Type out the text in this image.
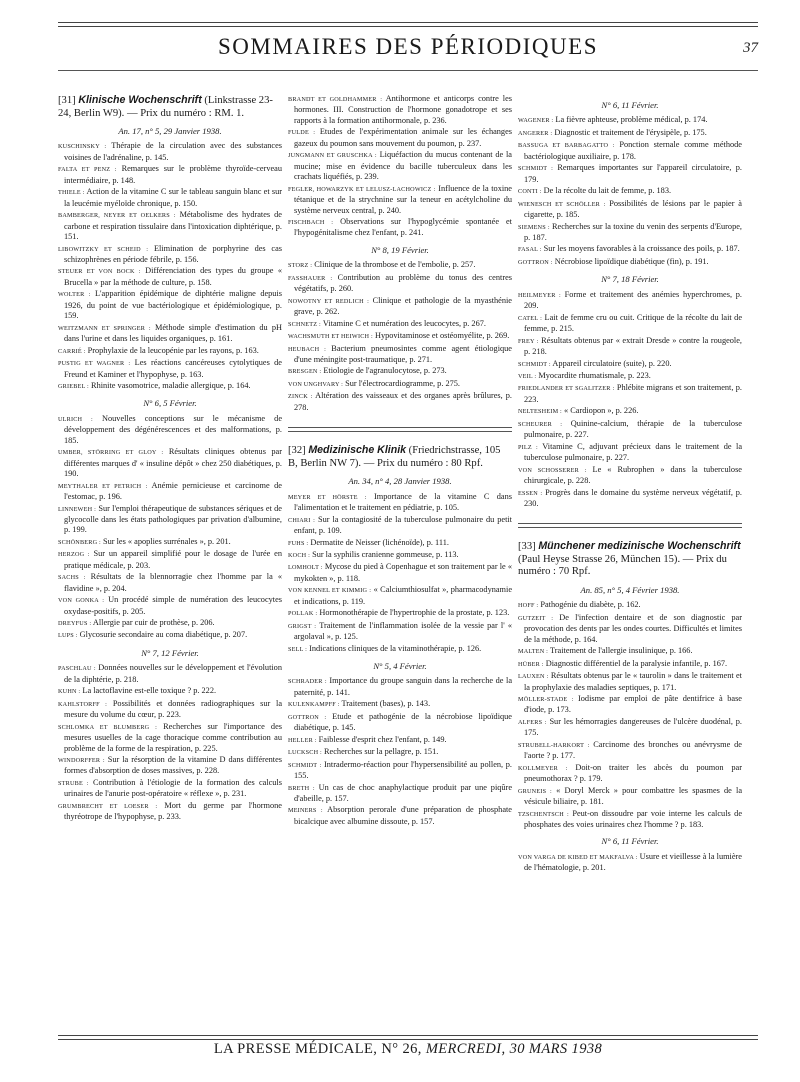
SOMMAIRES DES PÉRIODIQUES	37

[31] Klinische Wochenschrift (Linkstrasse 23-24, Berlin W9). — Prix du numéro : RM. 1.

An. 17, n° 5, 29 Janvier 1938.

KUSCHINSKY : Thérapie de la circulation avec des substances voisines de l'adrénaline, p. 145.

FALTA ET PENZ : Remarques sur le problème thyroïde-cerveau intermédiaire, p. 148.

THIELE : Action de la vitamine C sur le tableau sanguin blanc et sur la leucémie myéloïde chronique, p. 150.

BAMBERGER, NEYER ET OELKERS : Métabolisme des hydrates de carbone et respiration tissulaire dans l'intoxication diphtérique, p. 151.

LIBOWITZKY ET SCHEID : Elimination de porphyrine des cas schizophrènes en période fébrile, p. 156.

STEUER ET VON BOCK : Différenciation des types du groupe « Brucella » par la méthode de culture, p. 158.

WOLTER : L'apparition épidémique de diphtérie maligne depuis 1926, du point de vue bactériologique et épidémiologique, p. 159.

WEITZMANN ET SPRINGER : Méthode simple d'estimation du pH dans l'urine et dans les liquides organiques, p. 161.

CARRIÉ : Prophylaxie de la leucopénie par les rayons, p. 163.

PUSTIG ET WAGNER : Les réactions cancéreuses cytolytiques de Freund et Kaminer et l'hypophyse, p. 163.

GRIEBEL : Rhinite vasomotrice, maladie allergique, p. 164.

N° 6, 5 Février.

ULRICH : Nouvelles conceptions sur le mécanisme de développement des dégénérescences et des malformations, p. 185.

UMBER, STÖRRING ET GLOY : Résultats cliniques obtenus par différentes marques d' « insuline dépôt » chez 250 diabétiques, p. 190.

MEYTHALER ET PETRICH : Anémie pernicieuse et carcinome de l'estomac, p. 196.

LINNEWEH : Sur l'emploi thérapeutique de substances sériques et de glycocolle dans les états pathologiques par privation d'albumine, p. 199.

SCHÖNBERG : Sur les « apoplies surrénales », p. 201.

HERZOG : Sur un appareil simplifié pour le dosage de l'urée en pratique médicale, p. 203.

SACHS : Résultats de la blennorragie chez l'homme par la « flavidine », p. 204.

VON GONKA : Un procédé simple de numération des leucocytes oxydase-positifs, p. 205.

DREYFUS : Allergie par cuir de prothèse, p. 206.

LUPS : Glycosurie secondaire au coma diabétique, p. 207.

N° 7, 12 Février.

PASCHLAU : Données nouvelles sur le développement et l'évolution de la diphtérie, p. 218.

KUHN : La lactoflavine est-elle toxique ? p. 222.

KAHLSTORFF : Possibilités et données radiographiques sur la mesure du volume du cœur, p. 223.

SCHLOMKA ET BLUMBERG : Recherches sur l'importance des mesures usuelles de la cage thoracique comme contribution au problème de la forme de la respiration, p. 225.

WINDORFFER : Sur la résorption de la vitamine D dans différentes formes d'absorption de doses massives, p. 228.

STRUBE : Contribution à l'étiologie de la formation des calculs urinaires de l'anurie post-opératoire « réflexe », p. 231.

GRUMBRECHT ET LOESER : Mort du germe par l'hormone thyréotrope de l'hypophyse, p. 233.

BRANDT ET GOLDHAMMER : Antihormone et anticorps contre les hormones. III. Construction de l'hormone gonadotrope et ses rapports à la formation antihormonale, p. 236.

FULDE : Etudes de l'expérimentation animale sur les échanges gazeux du poumon sans mouvement du poumon, p. 237.

JUNGMANN ET GRUSCHKA : Liquéfaction du mucus contenant de la mucine; mise en évidence du bacille tuberculeux dans les crachats liquéfiés, p. 239.

FEGLER, HOWARZYK ET LELUSZ-LACHOWICZ : Influence de la toxine tétanique et de la strychnine sur la teneur en acétylcholine du système nerveux central, p. 240.

FISCHBACH : Observations sur l'hypoglycémie spontanée et l'hypogénitalisme chez l'enfant, p. 241.

N° 8, 19 Février.

STORZ : Clinique de la thrombose et de l'embolie, p. 257.

FASSHAUER : Contribution au problème du tonus des centres végétatifs, p. 260.

NOWOTNY ET REDLICH : Clinique et pathologie de la myasthénie grave, p. 262.

SCHNETZ : Vitamine C et numération des leucocytes, p. 267.

WACHSMUTH ET HEIWICH : Hypovitaminose et ostéomyélite, p. 269.

HEUBACH : Bacterium pneumosintes comme agent étiologique d'une méningite post-traumatique, p. 271.

BRESGEN : Etiologie de l'agranulocytose, p. 273.

VON UNGHVARY : Sur l'électrocardiogramme, p. 275.

ZINCK : Altération des vaisseaux et des organes après brûlures, p. 278.

[32] Medizinische Klinik (Friedrichstrasse, 105 B, Berlin NW 7). — Prix du numéro : 80 Rpf.

An. 34, n° 4, 28 Janvier 1938.

MEYER ET HÖRSTE : Importance de la vitamine C dans l'alimentation et le traitement en pédiatrie, p. 105.

CHIARI : Sur la contagiosité de la tuberculose pulmonaire du petit enfant, p. 109.

FUHS : Dermatite de Neisser (lichénoïde), p. 111.

KOCH : Sur la syphilis cranienne gommeuse, p. 113.

LOMHOLT : Mycose du pied à Copenhague et son traitement par le « mykokten », p. 118.

VON KENNEL ET KIMMIG : « Calciumthiosulfat », pharmacodynamie et indications, p. 119.

POLLAK : Hormonothérapie de l'hypertrophie de la prostate, p. 123.

GRIGST : Traitement de l'inflammation isolée de la vessie par l' « argolaval », p. 125.

SELL : Indications cliniques de la vitaminothérapie, p. 126.

N° 5, 4 Février.

SCHRADER : Importance du groupe sanguin dans la recherche de la paternité, p. 141.

KULENKAMPFF : Traitement (bases), p. 143.

GOTTRON : Etude et pathogénie de la nécrobiose lipoïdique diabétique, p. 145.

HELLER : Faiblesse d'esprit chez l'enfant, p. 149.

LUCKSCH : Recherches sur la pellagre, p. 151.

SCHMIDT : Intradermo-réaction pour l'hypersensibilité au pollen, p. 155.

BRETH : Un cas de choc anaphylactique produit par une piqûre d'abeille, p. 157.

MEINERS : Absorption perorale d'une préparation de phosphate bicalcique avec albumine dissoute, p. 157.

N° 6, 11 Février.

WAGENER : La fièvre aphteuse, problème médical, p. 174.

ANGERER : Diagnostic et traitement de l'érysipèle, p. 175.

BASSUGA ET BARBAGATTO : Ponction sternale comme méthode bactériologique auxiliaire, p. 178.

SCHMIDT : Remarques importantes sur l'appareil circulatoire, p. 179.

CONTI : De la récolte du lait de femme, p. 183.

WIENESCH ET SCHÖLLER : Possibilités de lésions par le papier à cigarette, p. 185.

SIEMENS : Recherches sur la toxine du venin des serpents d'Europe, p. 187.

FASAL : Sur les moyens favorables à la croissance des poils, p. 187.

GOTTRON : Nécrobiose lipoïdique diabétique (fin), p. 191.

N° 7, 18 Février.

HEILMEYER : Forme et traitement des anémies hyperchromes, p. 209.

CATEL : Lait de femme cru ou cuit. Critique de la récolte du lait de femme, p. 215.

FREY : Résultats obtenus par « extrait Dresde » contre la rougeole, p. 218.

SCHMIDT : Appareil circulatoire (suite), p. 220.

VEIL : Myocardite rhumatismale, p. 223.

FRIEDLANDER ET SGALITZER : Phlébite migrans et son traitement, p. 223.

NELTESHEIM : « Cardiopon », p. 226.

SCHEURER : Quinine-calcium, thérapie de la tuberculose pulmonaire, p. 227.

PILZ : Vitamine C, adjuvant précieux dans le traitement de la tuberculose pulmonaire, p. 227.

VON SCHOSSERER : Le « Rubrophen » dans la tuberculose chirurgicale, p. 228.

ESSEN : Progrès dans le domaine du système nerveux végétatif, p. 230.

[33] Münchener medizinische Wochenschrift (Paul Heyse Strasse 26, München 15). — Prix du numéro : 70 Rpf.

An. 85, n° 5, 4 Février 1938.

HOFF : Pathogénie du diabète, p. 162.

GUTZEIT : De l'infection dentaire et de son diagnostic par provocation des dents par les ondes courtes. Difficultés et limites de la méthode, p. 164.

MALTEN : Traitement de l'allergie insulinique, p. 166.

HÜBER : Diagnostic différentiel de la paralysie infantile, p. 167.

LAUXEN : Résultats obtenus par le « taurolin » dans le traitement et la prophylaxie des maladies septiques, p. 171.

MÖLLER-STADE : Iodisme par emploi de pâte dentifrice à base d'iode, p. 173.

ALFERS : Sur les hémorragies dangereuses de l'ulcère duodénal, p. 175.

STRUBELL-HARKORT : Carcinome des bronches ou anévrysme de l'aorte ? p. 177.

KOLLMEYER : Doit-on traiter les abcès du poumon par pneumothorax ? p. 179.

GRUNEIS : « Doryl Merck » pour combattre les spasmes de la vésicule biliaire, p. 181.

TZSCHENTSCH : Peut-on dissoudre par voie interne les calculs de phosphates des voies urinaires chez l'homme ? p. 183.

N° 6, 11 Février.

VON VARGA DE KIBED ET MAKFALVA : Usure et vieillesse à la lumière de l'hématologie, p. 201.

LA PRESSE MÉDICALE, N° 26, MERCREDI, 30 MARS 1938
